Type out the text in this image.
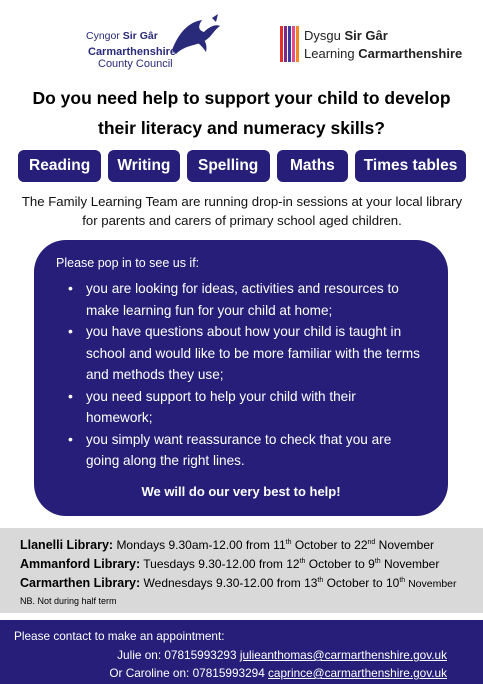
Cyngor Sir Gâr
Carmarthenshire
County Council
Dysgu Sir Gâr
Learning Carmarthenshire
Do you need help to support your child to develop
their literacy and numeracy skills?
Reading	Writing	Spelling	Maths	Times tables
The Family Learning Team are running drop-in sessions at your local library for parents and carers of primary school aged children.
Please pop in to see us if:
• you are looking for ideas, activities and resources to make learning fun for your child at home;
• you have questions about how your child is taught in school and would like to be more familiar with the terms and methods they use;
• you need support to help your child with their homework;
• you simply want reassurance to check that you are going along the right lines.
We will do our very best to help!
Llanelli Library: Mondays 9.30am-12.00 from 11th October to 22nd November
Ammanford Library: Tuesdays 9.30-12.00 from 12th October to 9th November
Carmarthen Library: Wednesdays 9.30-12.00 from 13th October to 10th November
NB. Not during half term
Please contact to make an appointment:
Julie on: 07815993293 julieanthomas@carmarthenshire.gov.uk
Or Caroline on: 07815993294 caprince@carmarthenshire.gov.uk
